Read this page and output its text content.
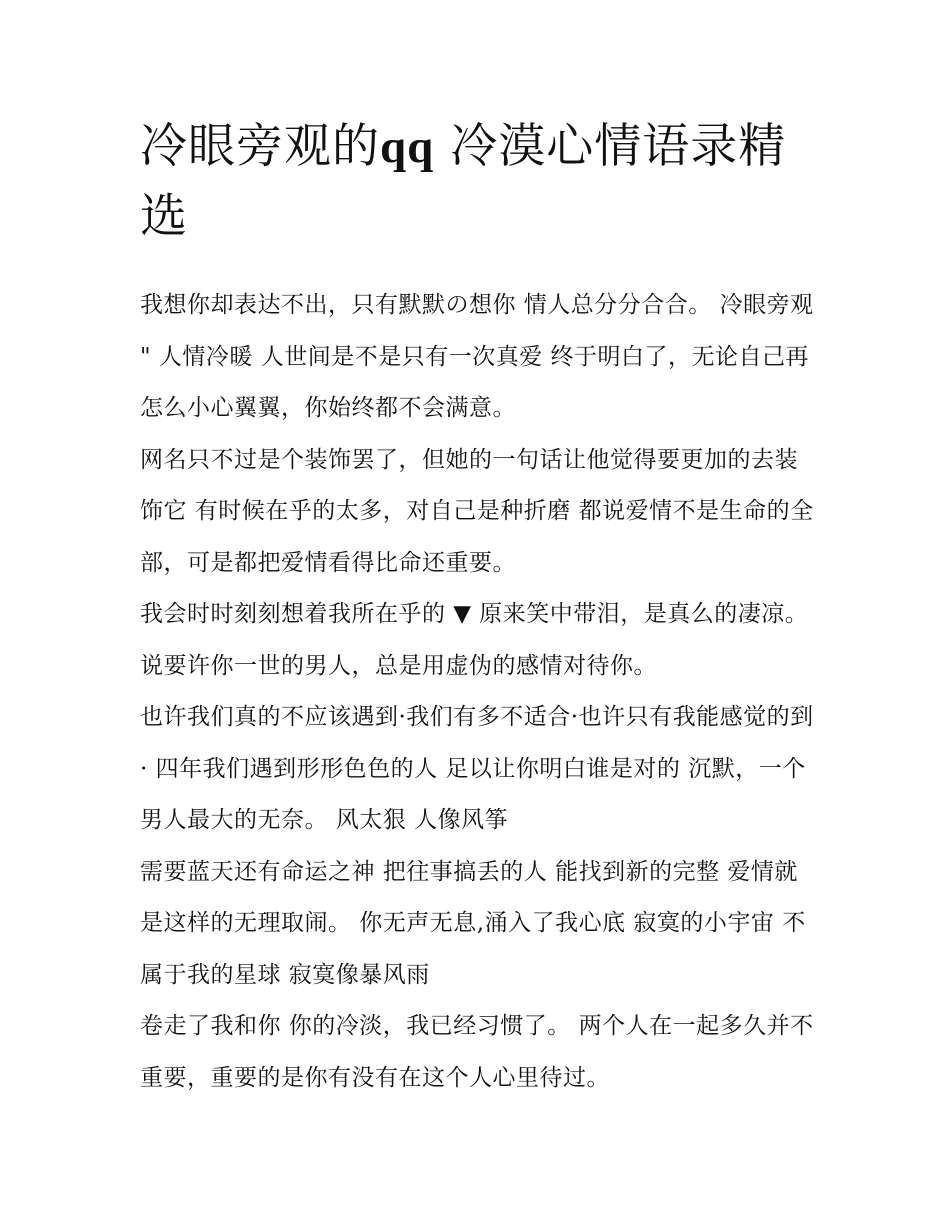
冷眼旁观的qq 冷漠心情语录精选

我想你却表达不出，只有默默の想你 情人总分分合合。 冷眼旁观 " 人情冷暖 人世间是不是只有一次真爱 终于明白了，无论自己再怎么小心翼翼，你始终都不会满意。

网名只不过是个装饰罢了，但她的一句话让他觉得要更加的去装饰它 有时候在乎的太多，对自己是种折磨 都说爱情不是生命的全部，可是都把爱情看得比命还重要。

我会时时刻刻想着我所在乎的 ▼ 原来笑中带泪，是真么的凄凉。 说要许你一世的男人，总是用虚伪的感情对待你。

也许我们真的不应该遇到·我们有多不适合·也许只有我能感觉的到· 四年我们遇到形形色色的人 足以让你明白谁是对的 沉默，一个男人最大的无奈。 风太狠 人像风筝

需要蓝天还有命运之神 把往事搞丢的人 能找到新的完整 爱情就是这样的无理取闹。 你无声无息,涌入了我心底 寂寞的小宇宙 不属于我的星球 寂寞像暴风雨

卷走了我和你 你的冷淡，我已经习惯了。 两个人在一起多久并不重要，重要的是你有没有在这个人心里待过。
